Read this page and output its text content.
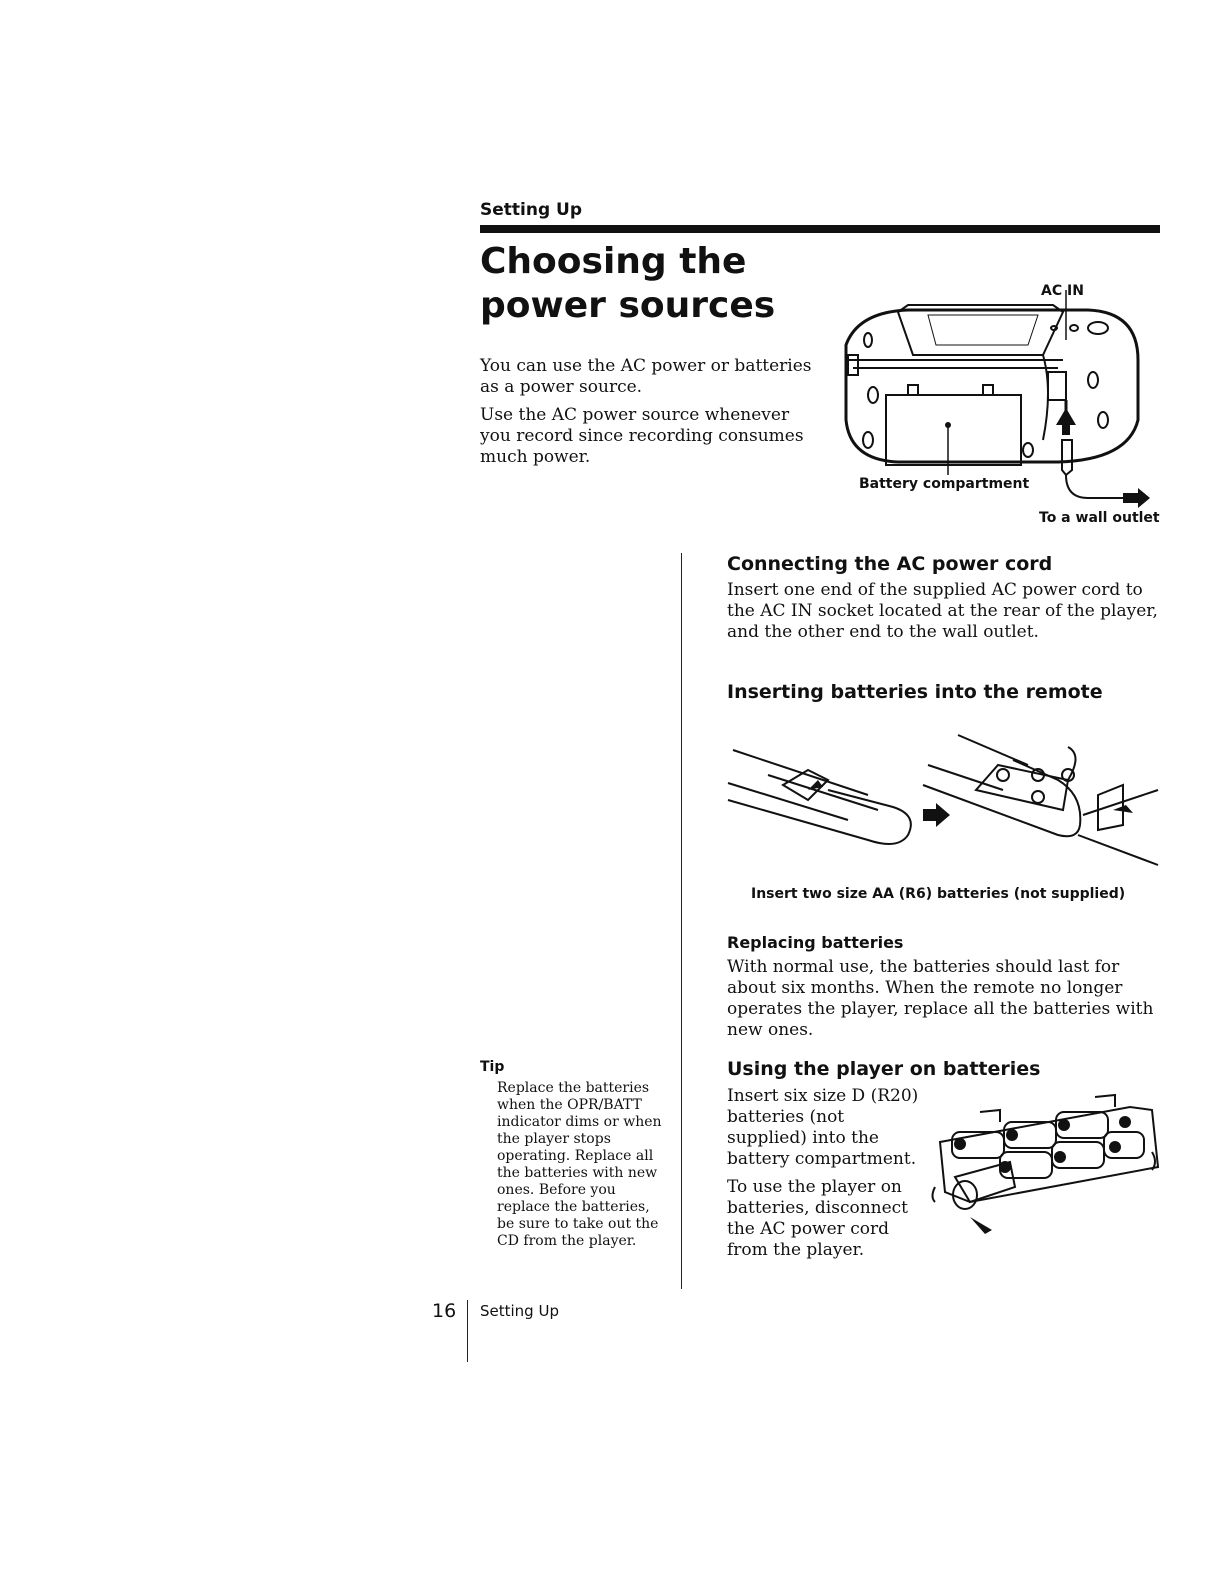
Setting Up
Choosing the
power sources

You can use the AC power or batteries as a power source.

Use the AC power source whenever you record since recording consumes much power.

AC IN
Battery compartment
To a wall outlet
Connecting the AC power cord
Insert one end of the supplied AC power cord to the AC IN socket located at the rear of the player, and the other end to the wall outlet.
Inserting batteries into the remote
Insert two size AA (R6) batteries (not supplied)
Replacing batteries
With normal use, the batteries should last for about six months. When the remote no longer operates the player, replace all the batteries with new ones.
Using the player on batteries
Insert six size D (R20) batteries (not supplied) into the battery compartment.
To use the player on batteries, disconnect the AC power cord from the player.
Tip
Replace the batteries when the OPR/BATT indicator dims or when the player stops operating. Replace all the batteries with new ones. Before you replace the batteries, be sure to take out the CD from the player.
16 Setting Up
